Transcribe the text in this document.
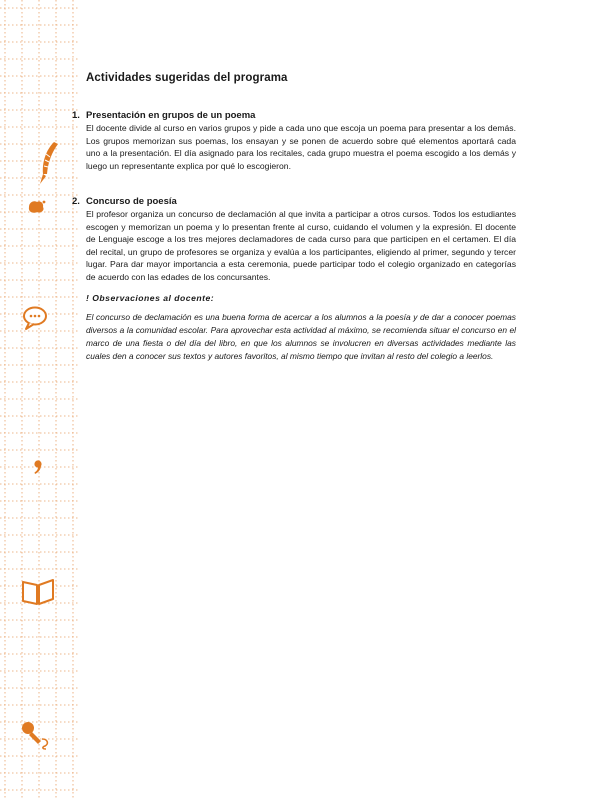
Actividades sugeridas del programa
1. Presentación en grupos de un poema
El docente divide al curso en varios grupos y pide a cada uno que escoja un poema para presentar a los demás. Los grupos memorizan sus poemas, los ensayan y se ponen de acuerdo sobre qué elementos aportará cada uno a la presentación. El día asignado para los recitales, cada grupo muestra el poema escogido a los demás y luego un representante explica por qué lo escogieron.
2. Concurso de poesía
El profesor organiza un concurso de declamación al que invita a participar a otros cursos. Todos los estudiantes escogen y memorizan un poema y lo presentan frente al curso, cuidando el volumen y la expresión. El docente de Lenguaje escoge a los tres mejores declamadores de cada curso para que participen en el certamen. El día del recital, un grupo de profesores se organiza y evalúa a los participantes, eligiendo al primer, segundo y tercer lugar. Para dar mayor importancia a esta ceremonia, puede participar todo el colegio organizado en categorías de acuerdo con las edades de los concursantes.
! Observaciones al docente:
El concurso de declamación es una buena forma de acercar a los alumnos a la poesía y de dar a conocer poemas diversos a la comunidad escolar. Para aprovechar esta actividad al máximo, se recomienda situar el concurso en el marco de una fiesta o del día del libro, en que los alumnos se involucren en diversas actividades mediante las cuales den a conocer sus textos y autores favoritos, al mismo tiempo que invitan al resto del colegio a leerlos.
